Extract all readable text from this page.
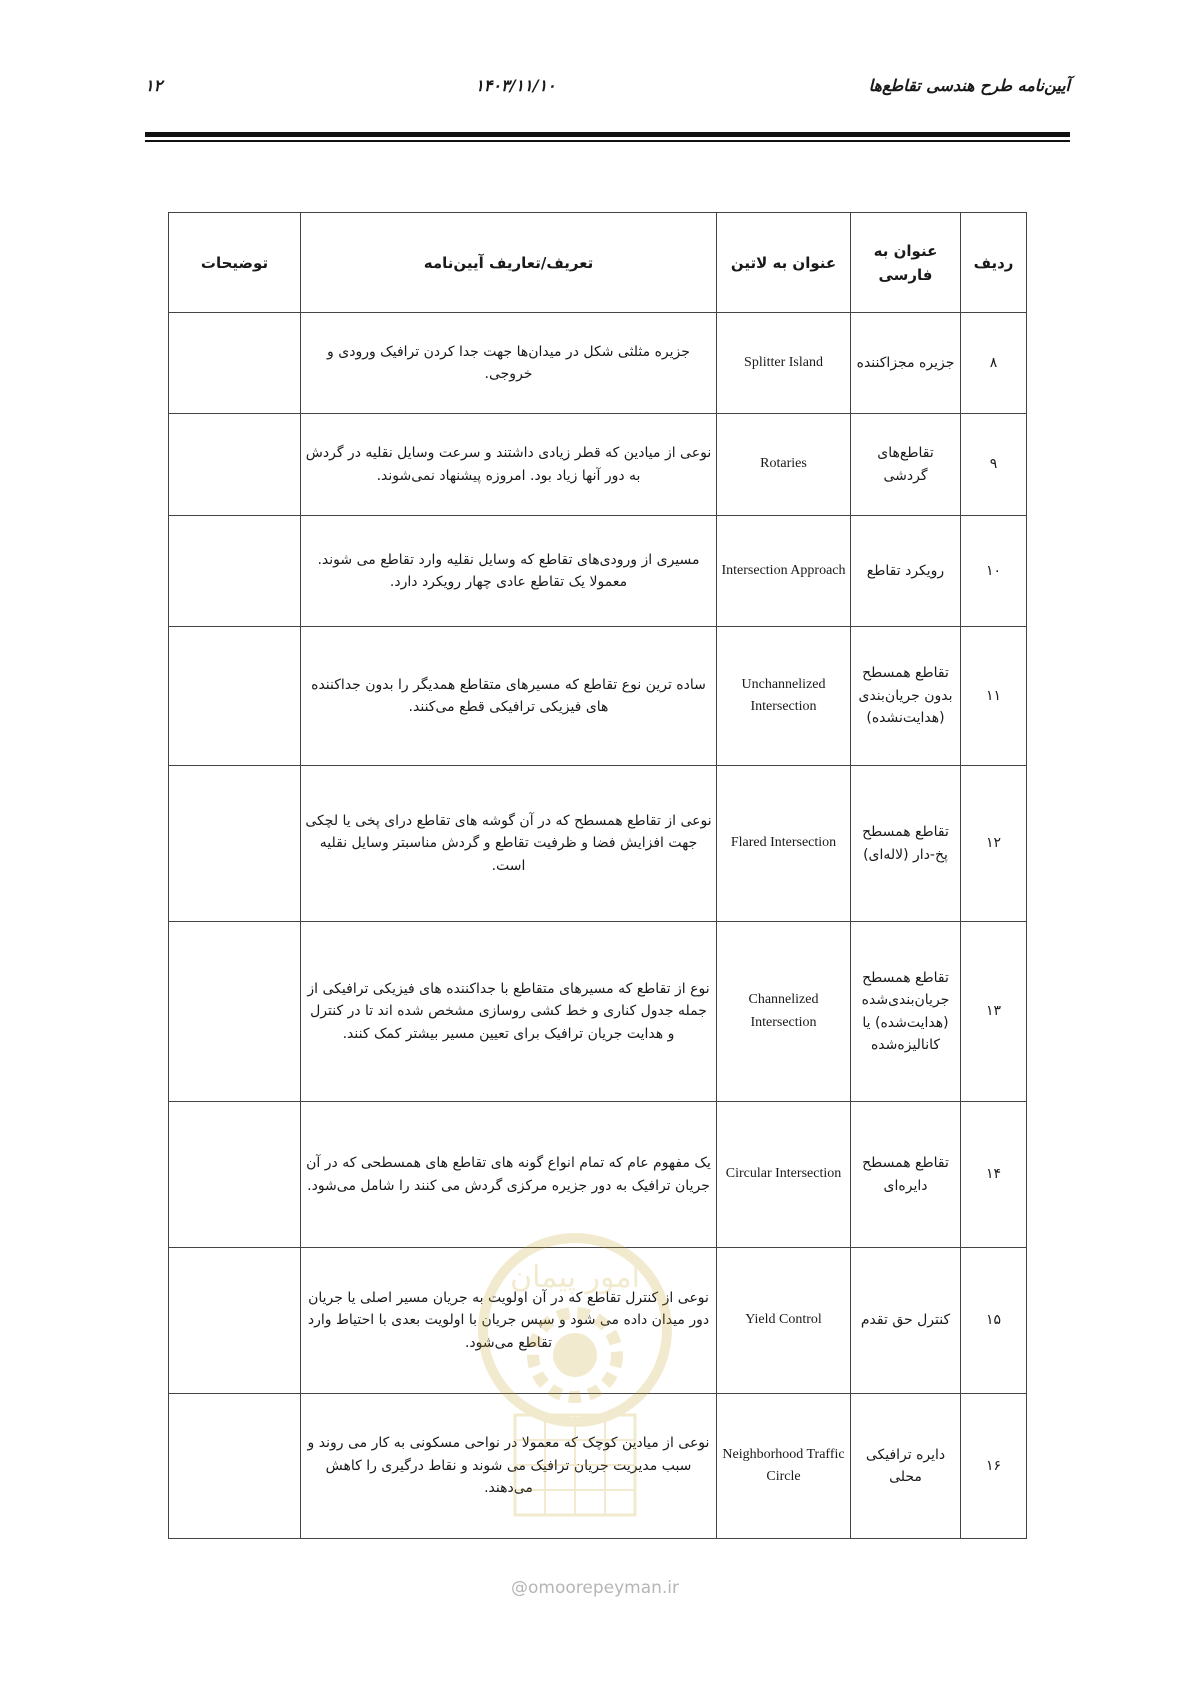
۱۲	۱۴۰۳/۱۱/۱۰	آیین‌نامه طرح هندسی تقاطع‌ها
ردیف	عنوان به فارسی	عنوان به لاتین	تعریف/تعاریف آیین‌نامه	توضیحات
۸	جزیره مجزاکننده	Splitter Island	جزیره مثلثی شکل در میدان‌ها جهت جدا کردن ترافیک ورودی و خروجی.	
۹	تقاطع‌های گردشی	Rotaries	نوعی از میادین که قطر زیادی داشتند و سرعت وسایل نقلیه در گردش به دور آنها زیاد بود. امروزه پیشنهاد نمی‌شوند.	
۱۰	رویکرد تقاطع	Intersection Approach	مسیری از ورودی‌های تقاطع که وسایل نقلیه وارد تقاطع می شوند. معمولا یک تقاطع عادی چهار رویکرد دارد.	
۱۱	تقاطع همسطح بدون جریان‌بندی (هدایت‌نشده)	Unchannelized Intersection	ساده ترین نوع تقاطع که مسیرهای متقاطع همدیگر را بدون جداکننده های فیزیکی ترافیکی قطع می‌کنند.	
۱۲	تقاطع همسطح پخ-دار (لاله‌ای)	Flared Intersection	نوعی از تقاطع همسطح که در آن گوشه های تقاطع درای پخی یا لچکی جهت افزایش فضا و ظرفیت تقاطع و گردش مناسبتر وسایل نقلیه است.	
۱۳	تقاطع همسطح جریان‌بندی‌شده (هدایت‌شده) یا کانالیزه‌شده	Channelized Intersection	نوع از تقاطع که مسیرهای متقاطع با جداکننده های فیزیکی ترافیکی از جمله جدول کناری و خط کشی روسازی مشخص شده اند تا در کنترل و هدایت جریان ترافیک برای تعیین مسیر بیشتر کمک کنند.	
۱۴	تقاطع همسطح دایره‌ای	Circular Intersection	یک مفهوم عام که تمام انواع گونه های تقاطع های همسطحی که در آن جریان ترافیک به دور جزیره مرکزی گردش می کنند را شامل می‌شود.	
۱۵	کنترل حق تقدم	Yield Control	نوعی از کنترل تقاطع که در آن اولویت به جریان مسیر اصلی یا جریان دور میدان داده می شود و سپس جریان با اولویت بعدی با احتیاط وارد تقاطع می‌شود.	
۱۶	دایره ترافیکی محلی	Neighborhood Traffic Circle	نوعی از میادین کوچک که معمولا در نواحی مسکونی به کار می روند و سبب مدیریت جریان ترافیک می شوند و نقاط درگیری را کاهش می‌دهند.	
امور پیمان
@omoorepeyman.ir
